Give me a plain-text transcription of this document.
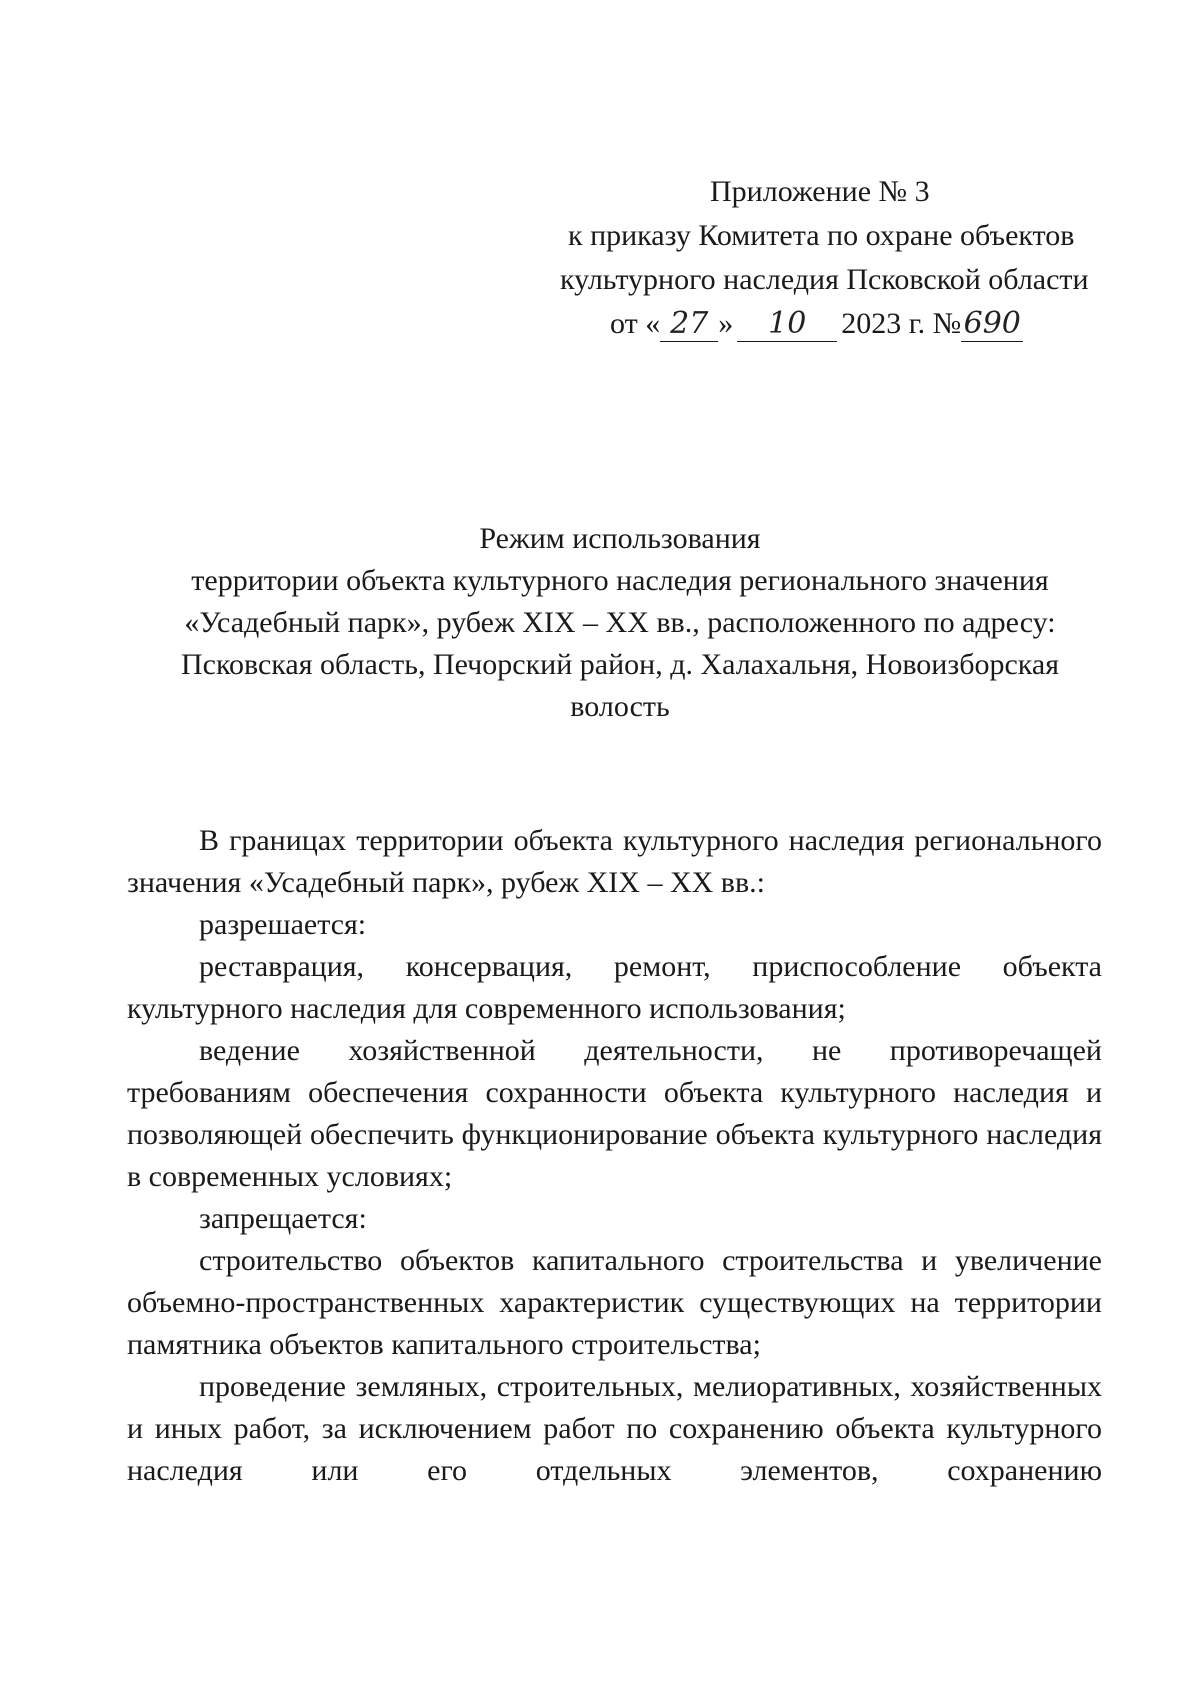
Приложение № 3
к приказу Комитета по охране объектов
культурного наследия Псковской области
от « 27 » 10 2023 г. №690
Режим использования
территории объекта культурного наследия регионального значения
«Усадебный парк», рубеж XIX – XX вв., расположенного по адресу:
Псковская область, Печорский район, д. Халахальня, Новоизборская
волость

В границах территории объекта культурного наследия регионального значения «Усадебный парк», рубеж XIX – XX вв.:

разрешается:

реставрация, консервация, ремонт, приспособление объекта культурного наследия для современного использования;

ведение хозяйственной деятельности, не противоречащей требованиям обеспечения сохранности объекта культурного наследия и позволяющей обеспечить функционирование объекта культурного наследия в современных условиях;

запрещается:

строительство объектов капитального строительства и увеличение объемно-пространственных характеристик существующих на территории памятника объектов капитального строительства;

проведение земляных, строительных, мелиоративных, хозяйственных и иных работ, за исключением работ по сохранению объекта культурного наследия или его отдельных элементов, сохранению
